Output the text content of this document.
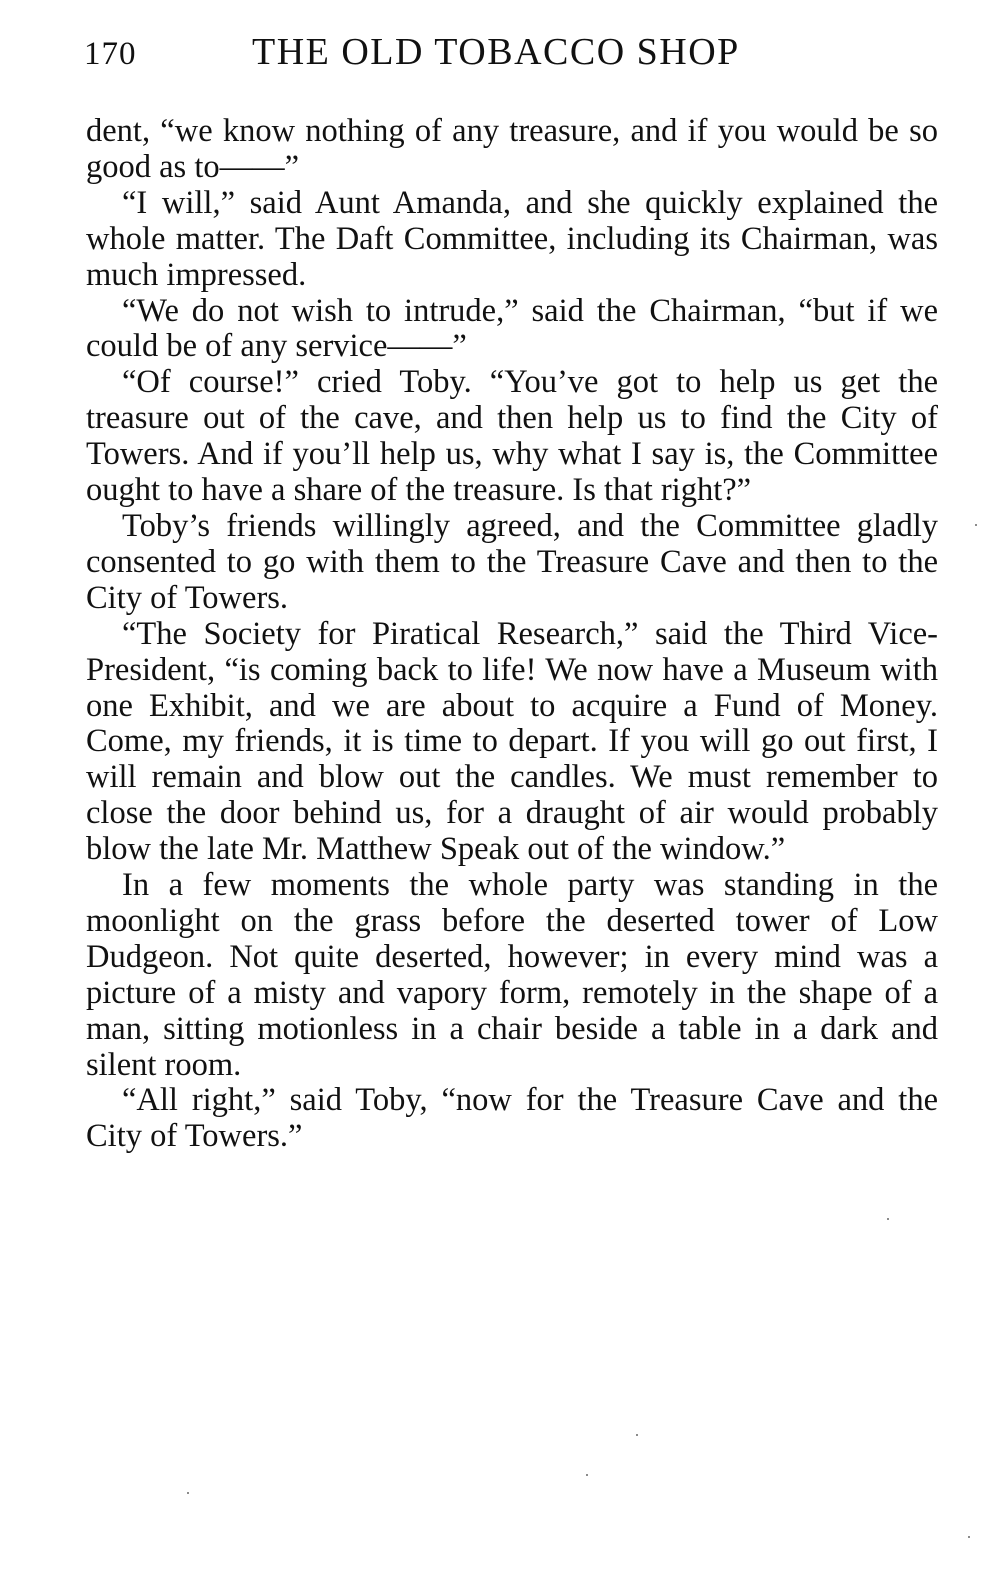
170	THE OLD TOBACCO SHOP

dent, “we know nothing of any treasure, and if you would be so good as to——”

“I will,” said Aunt Amanda, and she quickly explained the whole matter. The Daft Committee, including its Chairman, was much impressed.

“We do not wish to intrude,” said the Chairman, “but if we could be of any service——”

“Of course!” cried Toby. “You’ve got to help us get the treasure out of the cave, and then help us to find the City of Towers. And if you’ll help us, why what I say is, the Committee ought to have a share of the treasure. Is that right?”

Toby’s friends willingly agreed, and the Committee gladly consented to go with them to the Treasure Cave and then to the City of Towers.

“The Society for Piratical Research,” said the Third Vice-President, “is coming back to life! We now have a Museum with one Exhibit, and we are about to acquire a Fund of Money. Come, my friends, it is time to depart. If you will go out first, I will remain and blow out the candles. We must remember to close the door behind us, for a draught of air would probably blow the late Mr. Matthew Speak out of the window.”

In a few moments the whole party was standing in the moonlight on the grass before the deserted tower of Low Dudgeon. Not quite deserted, however; in every mind was a picture of a misty and vapory form, remotely in the shape of a man, sitting motionless in a chair beside a table in a dark and silent room.

“All right,” said Toby, “now for the Treasure Cave and the City of Towers.”
